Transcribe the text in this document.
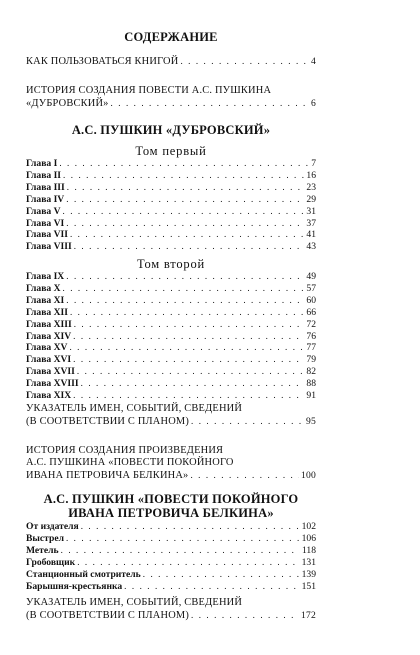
СОДЕРЖАНИЕ
КАК ПОЛЬЗОВАТЬСЯ КНИГОЙ . . .	4
ИСТОРИЯ СОЗДАНИЯ ПОВЕСТИ А.С. ПУШКИНА
«ДУБРОВСКИЙ» . . .	6
А.С. ПУШКИН «ДУБРОВСКИЙ»
Том первый
Глава I . . .	7
Глава II . . .	16
Глава III . . .	23
Глава IV . . .	29
Глава V . . .	31
Глава VI . . .	37
Глава VII . . .	41
Глава VIII . . .	43
Том второй
Глава IX . . .	49
Глава X . . .	57
Глава XI . . .	60
Глава XII . . .	66
Глава XIII . . .	72
Глава XIV . . .	76
Глава XV . . .	77
Глава XVI . . .	79
Глава XVII . . .	82
Глава XVIII . . .	88
Глава XIX . . .	91
УКАЗАТЕЛЬ ИМЕН, СОБЫТИЙ, СВЕДЕНИЙ
(В СООТВЕТСТВИИ С ПЛАНОМ) . . .	95
ИСТОРИЯ СОЗДАНИЯ ПРОИЗВЕДЕНИЯ
А.С. ПУШКИНА «ПОВЕСТИ ПОКОЙНОГО
ИВАНА ПЕТРОВИЧА БЕЛКИНА» . . .	100
А.С. ПУШКИН «ПОВЕСТИ ПОКОЙНОГО
ИВАНА ПЕТРОВИЧА БЕЛКИНА»
От издателя . . .	102
Выстрел . . .	106
Метель . . .	118
Гробовщик . . .	131
Станционный смотритель . . .	139
Барышня-крестьянка . . .	151
УКАЗАТЕЛЬ ИМЕН, СОБЫТИЙ, СВЕДЕНИЙ
(В СООТВЕТСТВИИ С ПЛАНОМ) . . .	172
